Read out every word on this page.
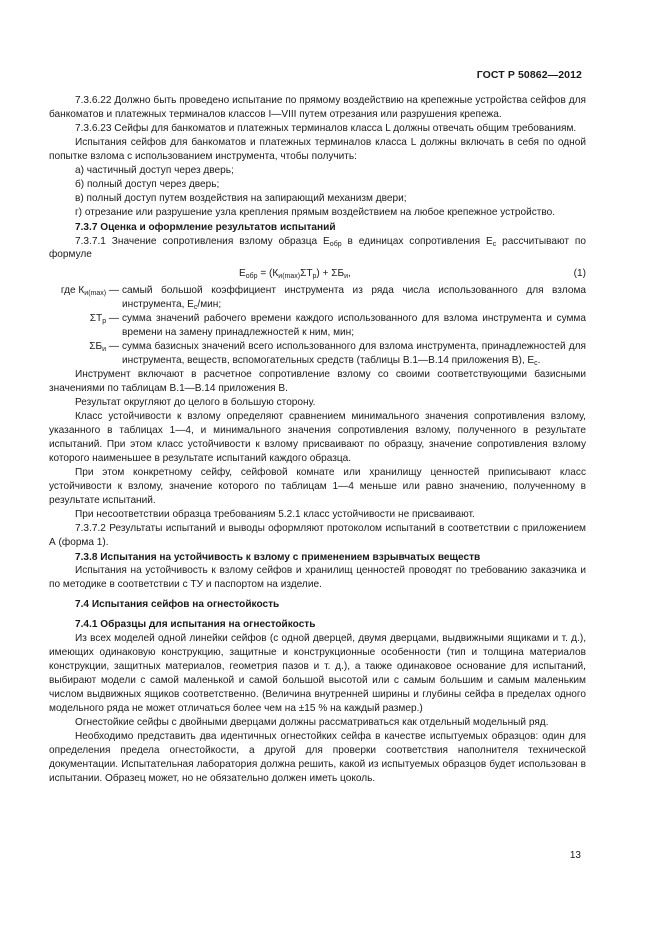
ГОСТ Р 50862—2012

7.3.6.22 Должно быть проведено испытание по прямому воздействию на крепежные устройства сейфов для банкоматов и платежных терминалов классов I—VIII путем отрезания или разрушения крепежа.

7.3.6.23 Сейфы для банкоматов и платежных терминалов класса L должны отвечать общим требованиям.

Испытания сейфов для банкоматов и платежных терминалов класса L должны включать в себя по одной попытке взлома с использованием инструмента, чтобы получить:

а) частичный доступ через дверь;

б) полный доступ через дверь;

в) полный доступ путем воздействия на запирающий механизм двери;

г) отрезание или разрушение узла крепления прямым воздействием на любое крепежное устройство.

7.3.7 Оценка и оформление результатов испытаний

7.3.7.1 Значение сопротивления взлому образца $Е_{обр}$ в единицах сопротивления $Е_с$ рассчитывают по формуле

$Е_{обр} = (К_{и(max)}\Sigma Т_р) + \Sigma Б_и$,	(1)
где $К_{и(max)}$ — самый большой коэффициент инструмента из ряда числа использованного для взлома инструмента, $Е_с$/мин;
$\Sigma Т_р$ — сумма значений рабочего времени каждого использованного для взлома инструмента и сумма времени на замену принадлежностей к ним, мин;
$\Sigma Б_и$ — сумма базисных значений всего использованного для взлома инструмента, принадлежностей для инструмента, веществ, вспомогательных средств (таблицы В.1—В.14 приложения В), $Е_с$.

Инструмент включают в расчетное сопротивление взлому со своими соответствующими базисными значениями по таблицам В.1—В.14 приложения В.

Результат округляют до целого в большую сторону.

Класс устойчивости к взлому определяют сравнением минимального значения сопротивления взлому, указанного в таблицах 1—4, и минимального значения сопротивления взлому, полученного в результате испытаний. При этом класс устойчивости к взлому присваивают по образцу, значение сопротивления взлому которого наименьшее в результате испытаний каждого образца.

При этом конкретному сейфу, сейфовой комнате или хранилищу ценностей приписывают класс устойчивости к взлому, значение которого по таблицам 1—4 меньше или равно значению, полученному в результате испытаний.

При несоответствии образца требованиям 5.2.1 класс устойчивости не присваивают.

7.3.7.2 Результаты испытаний и выводы оформляют протоколом испытаний в соответствии с приложением А (форма 1).

7.3.8 Испытания на устойчивость к взлому с применением взрывчатых веществ

Испытания на устойчивость к взлому сейфов и хранилищ ценностей проводят по требованию заказчика и по методике в соответствии с ТУ и паспортом на изделие.

7.4 Испытания сейфов на огнестойкость

7.4.1 Образцы для испытания на огнестойкость

Из всех моделей одной линейки сейфов (с одной дверцей, двумя дверцами, выдвижными ящиками и т. д.), имеющих одинаковую конструкцию, защитные и конструкционные особенности (тип и толщина материалов конструкции, защитных материалов, геометрия пазов и т. д.), а также одинаковое основание для испытаний, выбирают модели с самой маленькой и самой большой высотой или с самым большим и самым маленьким числом выдвижных ящиков соответственно. (Величина внутренней ширины и глубины сейфа в пределах одного модельного ряда не может отличаться более чем на ±15 % на каждый размер.)

Огнестойкие сейфы с двойными дверцами должны рассматриваться как отдельный модельный ряд.

Необходимо представить два идентичных огнестойких сейфа в качестве испытуемых образцов: один для определения предела огнестойкости, а другой для проверки соответствия наполнителя технической документации. Испытательная лаборатория должна решить, какой из испытуемых образцов будет использован в испытании. Образец может, но не обязательно должен иметь цоколь.

13
